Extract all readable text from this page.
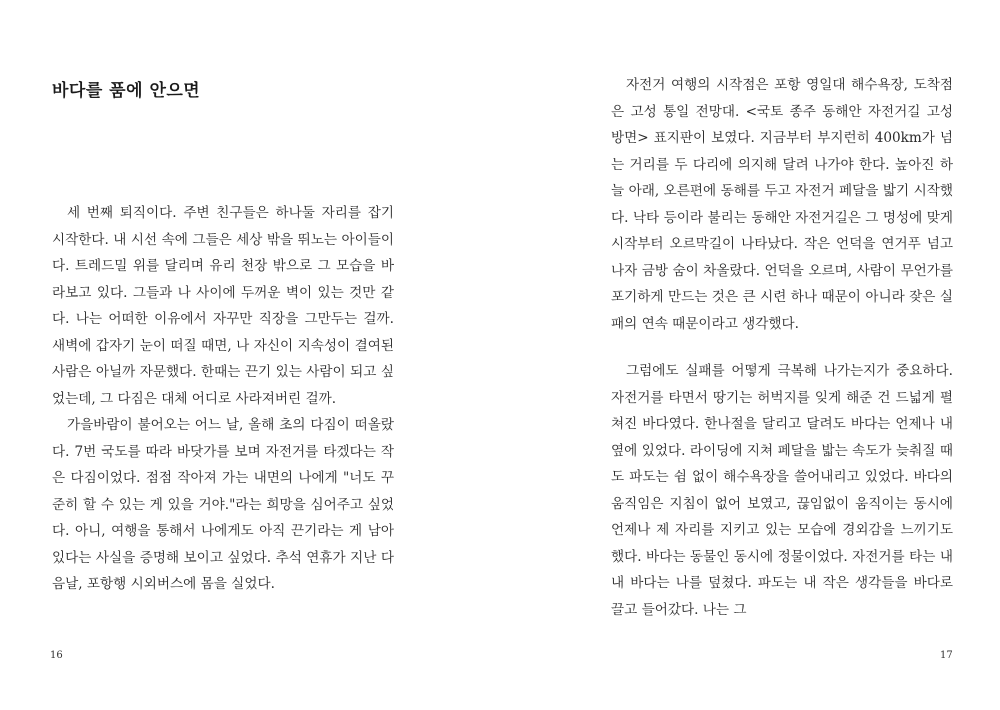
바다를 품에 안으면

세 번째 퇴직이다. 주변 친구들은 하나둘 자리를 잡기 시작한다. 내 시선 속에 그들은 세상 밖을 뛰노는 아이들이다. 트레드밀 위를 달리며 유리 천장 밖으로 그 모습을 바라보고 있다. 그들과 나 사이에 두꺼운 벽이 있는 것만 같다. 나는 어떠한 이유에서 자꾸만 직장을 그만두는 걸까. 새벽에 갑자기 눈이 떠질 때면, 나 자신이 지속성이 결여된 사람은 아닐까 자문했다. 한때는 끈기 있는 사람이 되고 싶었는데, 그 다짐은 대체 어디로 사라져버린 걸까.

가을바람이 불어오는 어느 날, 올해 초의 다짐이 떠올랐다. 7번 국도를 따라 바닷가를 보며 자전거를 타겠다는 작은 다짐이었다. 점점 작아져 가는 내면의 나에게 "너도 꾸준히 할 수 있는 게 있을 거야."라는 희망을 심어주고 싶었다. 아니, 여행을 통해서 나에게도 아직 끈기라는 게 남아있다는 사실을 증명해 보이고 싶었다. 추석 연휴가 지난 다음날, 포항행 시외버스에 몸을 실었다.

16

자전거 여행의 시작점은 포항 영일대 해수욕장, 도착점은 고성 통일 전망대. <국토 종주 동해안 자전거길 고성 방면> 표지판이 보였다. 지금부터 부지런히 400km가 넘는 거리를 두 다리에 의지해 달려 나가야 한다. 높아진 하늘 아래, 오른편에 동해를 두고 자전거 페달을 밟기 시작했다. 낙타 등이라 불리는 동해안 자전거길은 그 명성에 맞게 시작부터 오르막길이 나타났다. 작은 언덕을 연거푸 넘고 나자 금방 숨이 차올랐다. 언덕을 오르며, 사람이 무언가를 포기하게 만드는 것은 큰 시련 하나 때문이 아니라 잦은 실패의 연속 때문이라고 생각했다.

그럼에도 실패를 어떻게 극복해 나가는지가 중요하다. 자전거를 타면서 땅기는 허벅지를 잊게 해준 건 드넓게 펼쳐진 바다였다. 한나절을 달리고 달려도 바다는 언제나 내 옆에 있었다. 라이딩에 지쳐 페달을 밟는 속도가 늦춰질 때도 파도는 쉼 없이 해수욕장을 쓸어내리고 있었다. 바다의 움직임은 지침이 없어 보였고, 끊임없이 움직이는 동시에 언제나 제 자리를 지키고 있는 모습에 경외감을 느끼기도 했다. 바다는 동물인 동시에 정물이었다. 자전거를 타는 내내 바다는 나를 덮쳤다. 파도는 내 작은 생각들을 바다로 끌고 들어갔다. 나는 그

17
